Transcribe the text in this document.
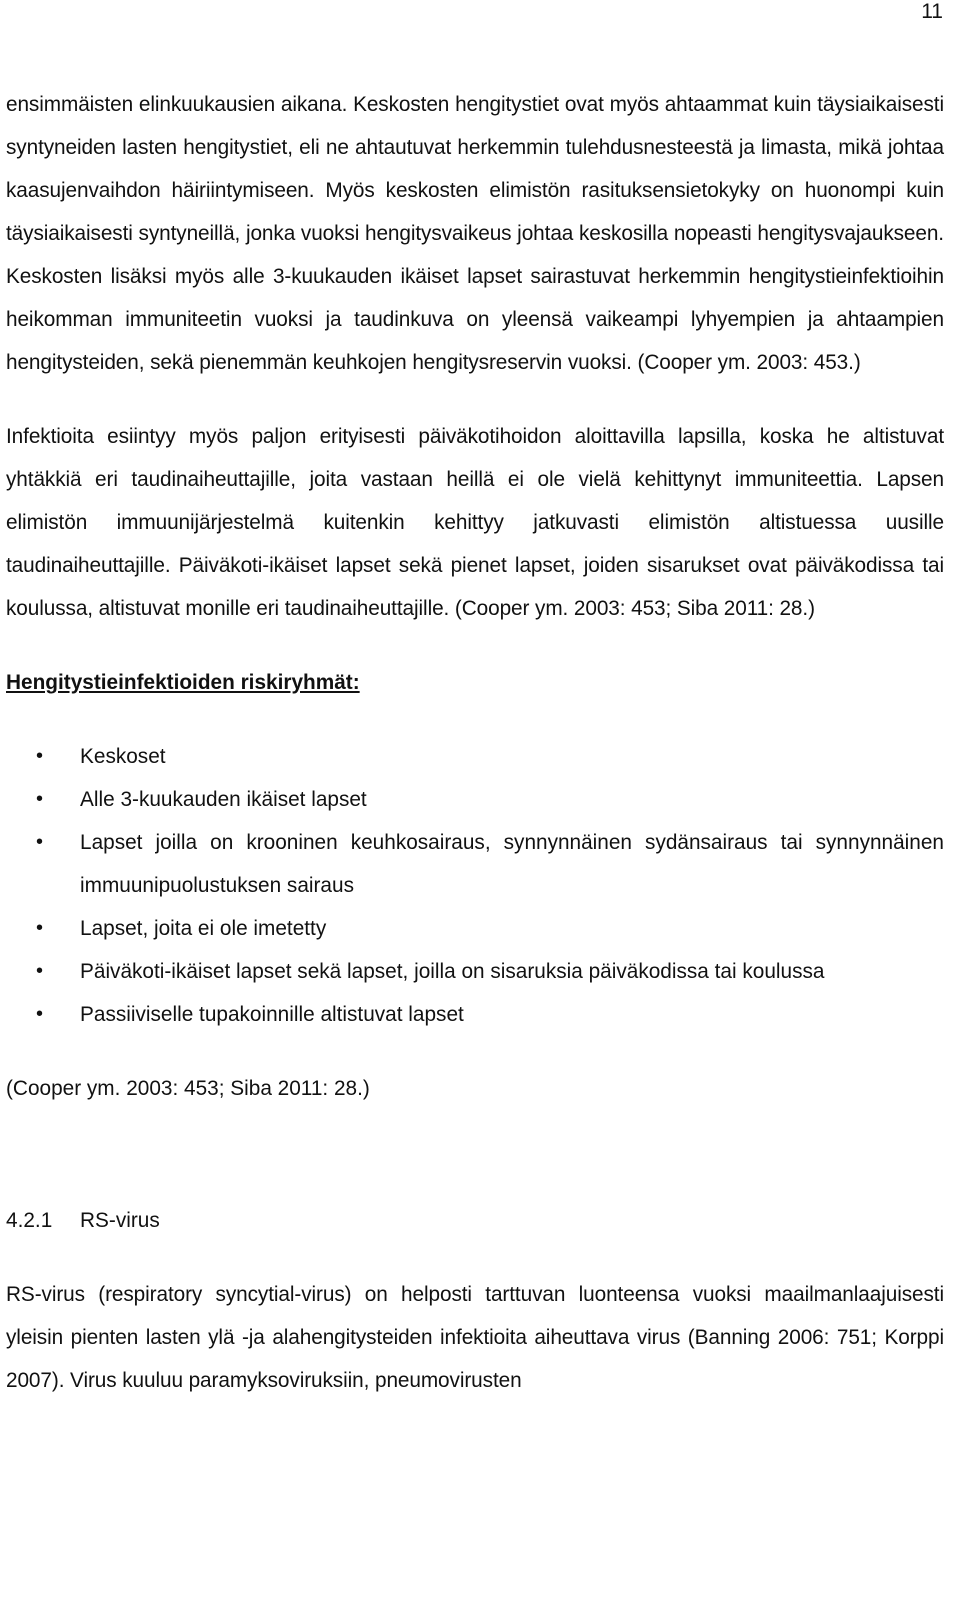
11

ensimmäisten elinkuukausien aikana. Keskosten hengitystiet ovat myös ahtaammat kuin täysiaikaisesti syntyneiden lasten hengitystiet, eli ne ahtautuvat herkemmin tulehdusnesteestä ja limasta, mikä johtaa kaasujenvaihdon häiriintymiseen. Myös keskosten elimistön rasituksensietokyky on huonompi kuin täysiaikaisesti syntyneillä, jonka vuoksi hengitysvaikeus johtaa keskosilla nopeasti hengitysvajaukseen. Keskosten lisäksi myös alle 3-kuukauden ikäiset lapset sairastuvat herkemmin hengitystieinfektioihin heikomman immuniteetin vuoksi ja taudinkuva on yleensä vaikeampi lyhyempien ja ahtaampien hengitysteiden, sekä pienemmän keuhkojen hengitysreservin vuoksi. (Cooper ym. 2003: 453.)

Infektioita esiintyy myös paljon erityisesti päiväkotihoidon aloittavilla lapsilla, koska he altistuvat yhtäkkiä eri taudinaiheuttajille, joita vastaan heillä ei ole vielä kehittynyt immuniteettia. Lapsen elimistön immuunijärjestelmä kuitenkin kehittyy jatkuvasti elimistön altistuessa uusille taudinaiheuttajille. Päiväkoti-ikäiset lapset sekä pienet lapset, joiden sisarukset ovat päiväkodissa tai koulussa, altistuvat monille eri taudinaiheuttajille. (Cooper ym. 2003: 453; Siba 2011: 28.)

Hengitystieinfektioiden riskiryhmät:

• Keskoset
• Alle 3-kuukauden ikäiset lapset
• Lapset joilla on krooninen keuhkosairaus, synnynnäinen sydänsairaus tai synnynnäinen immuunipuolustuksen sairaus
• Lapset, joita ei ole imetetty
• Päiväkoti-ikäiset lapset sekä lapset, joilla on sisaruksia päiväkodissa tai koulussa
• Passiiviselle tupakoinnille altistuvat lapset

(Cooper ym. 2003: 453; Siba 2011: 28.)

4.2.1	RS-virus

RS-virus (respiratory syncytial-virus) on helposti tarttuvan luonteensa vuoksi maailmanlaajuisesti yleisin pienten lasten ylä -ja alahengitysteiden infektioita aiheuttava virus (Banning 2006: 751; Korppi 2007). Virus kuuluu paramyksoviruksiin, pneumovirusten
